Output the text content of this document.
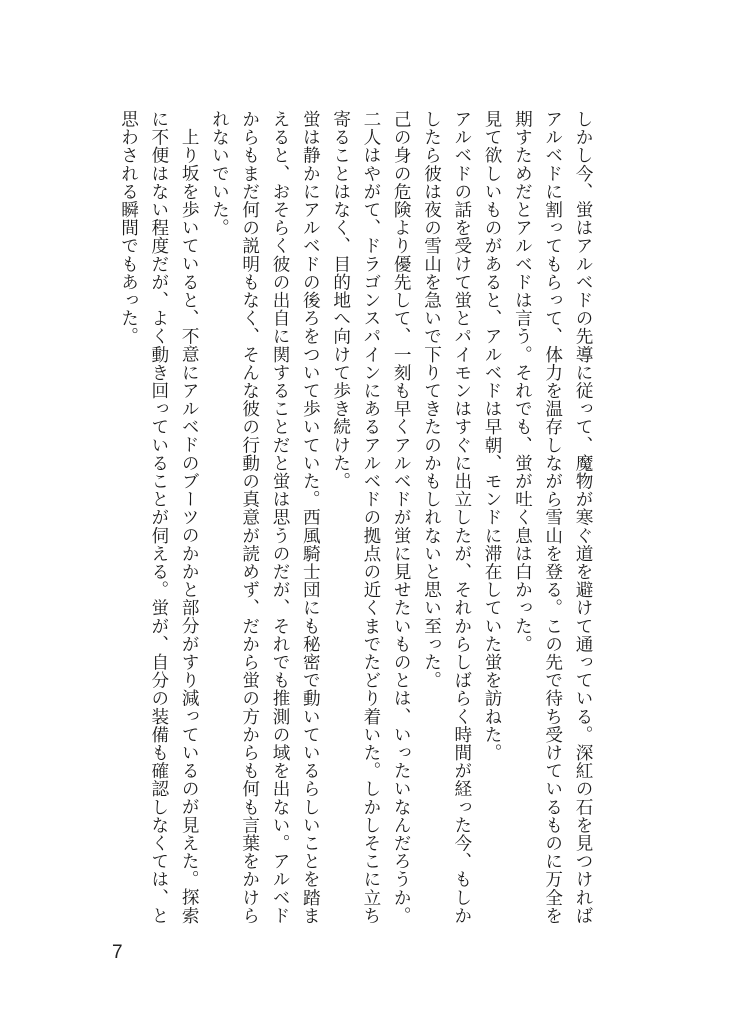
しかし今、蛍はアルベドの先導に従って、魔物が寒ぐ道を避けて通っている。深紅の石を見つければアルベドに割ってもらって、体力を温存しながら雪山を登る。この先で待ち受けているものに万全を期すためだとアルベドは言う。それでも、蛍が吐く息は白かった。

見て欲しいものがあると、アルベドは早朝、モンドに滞在していた蛍を訪ねた。

アルベドの話を受けて蛍とパイモンはすぐに出立したが、それからしばらく時間が経った今、もしかしたら彼は夜の雪山を急いで下りてきたのかもしれないと思い至った。

己の身の危険より優先して、一刻も早くアルベドが蛍に見せたいものとは、いったいなんだろうか。

二人はやがて、ドラゴンスパインにあるアルベドの拠点の近くまでたどり着いた。しかしそこに立ち寄ることはなく、目的地へ向けて歩き続けた。

蛍は静かにアルベドの後ろをついて歩いていた。西風騎士団にも秘密で動いているらしいことを踏まえると、おそらく彼の出自に関することだと蛍は思うのだが、それでも推測の域を出ない。アルベドからもまだ何の説明もなく、そんな彼の行動の真意が読めず、だから蛍の方からも何も言葉をかけられないでいた。

上り坂を歩いていると、不意にアルベドのブーツのかかと部分がすり減っているのが見えた。探索に不便はない程度だが、よく動き回っていることが伺える。蛍が、自分の装備も確認しなくては、と思わされる瞬間でもあった。

7
